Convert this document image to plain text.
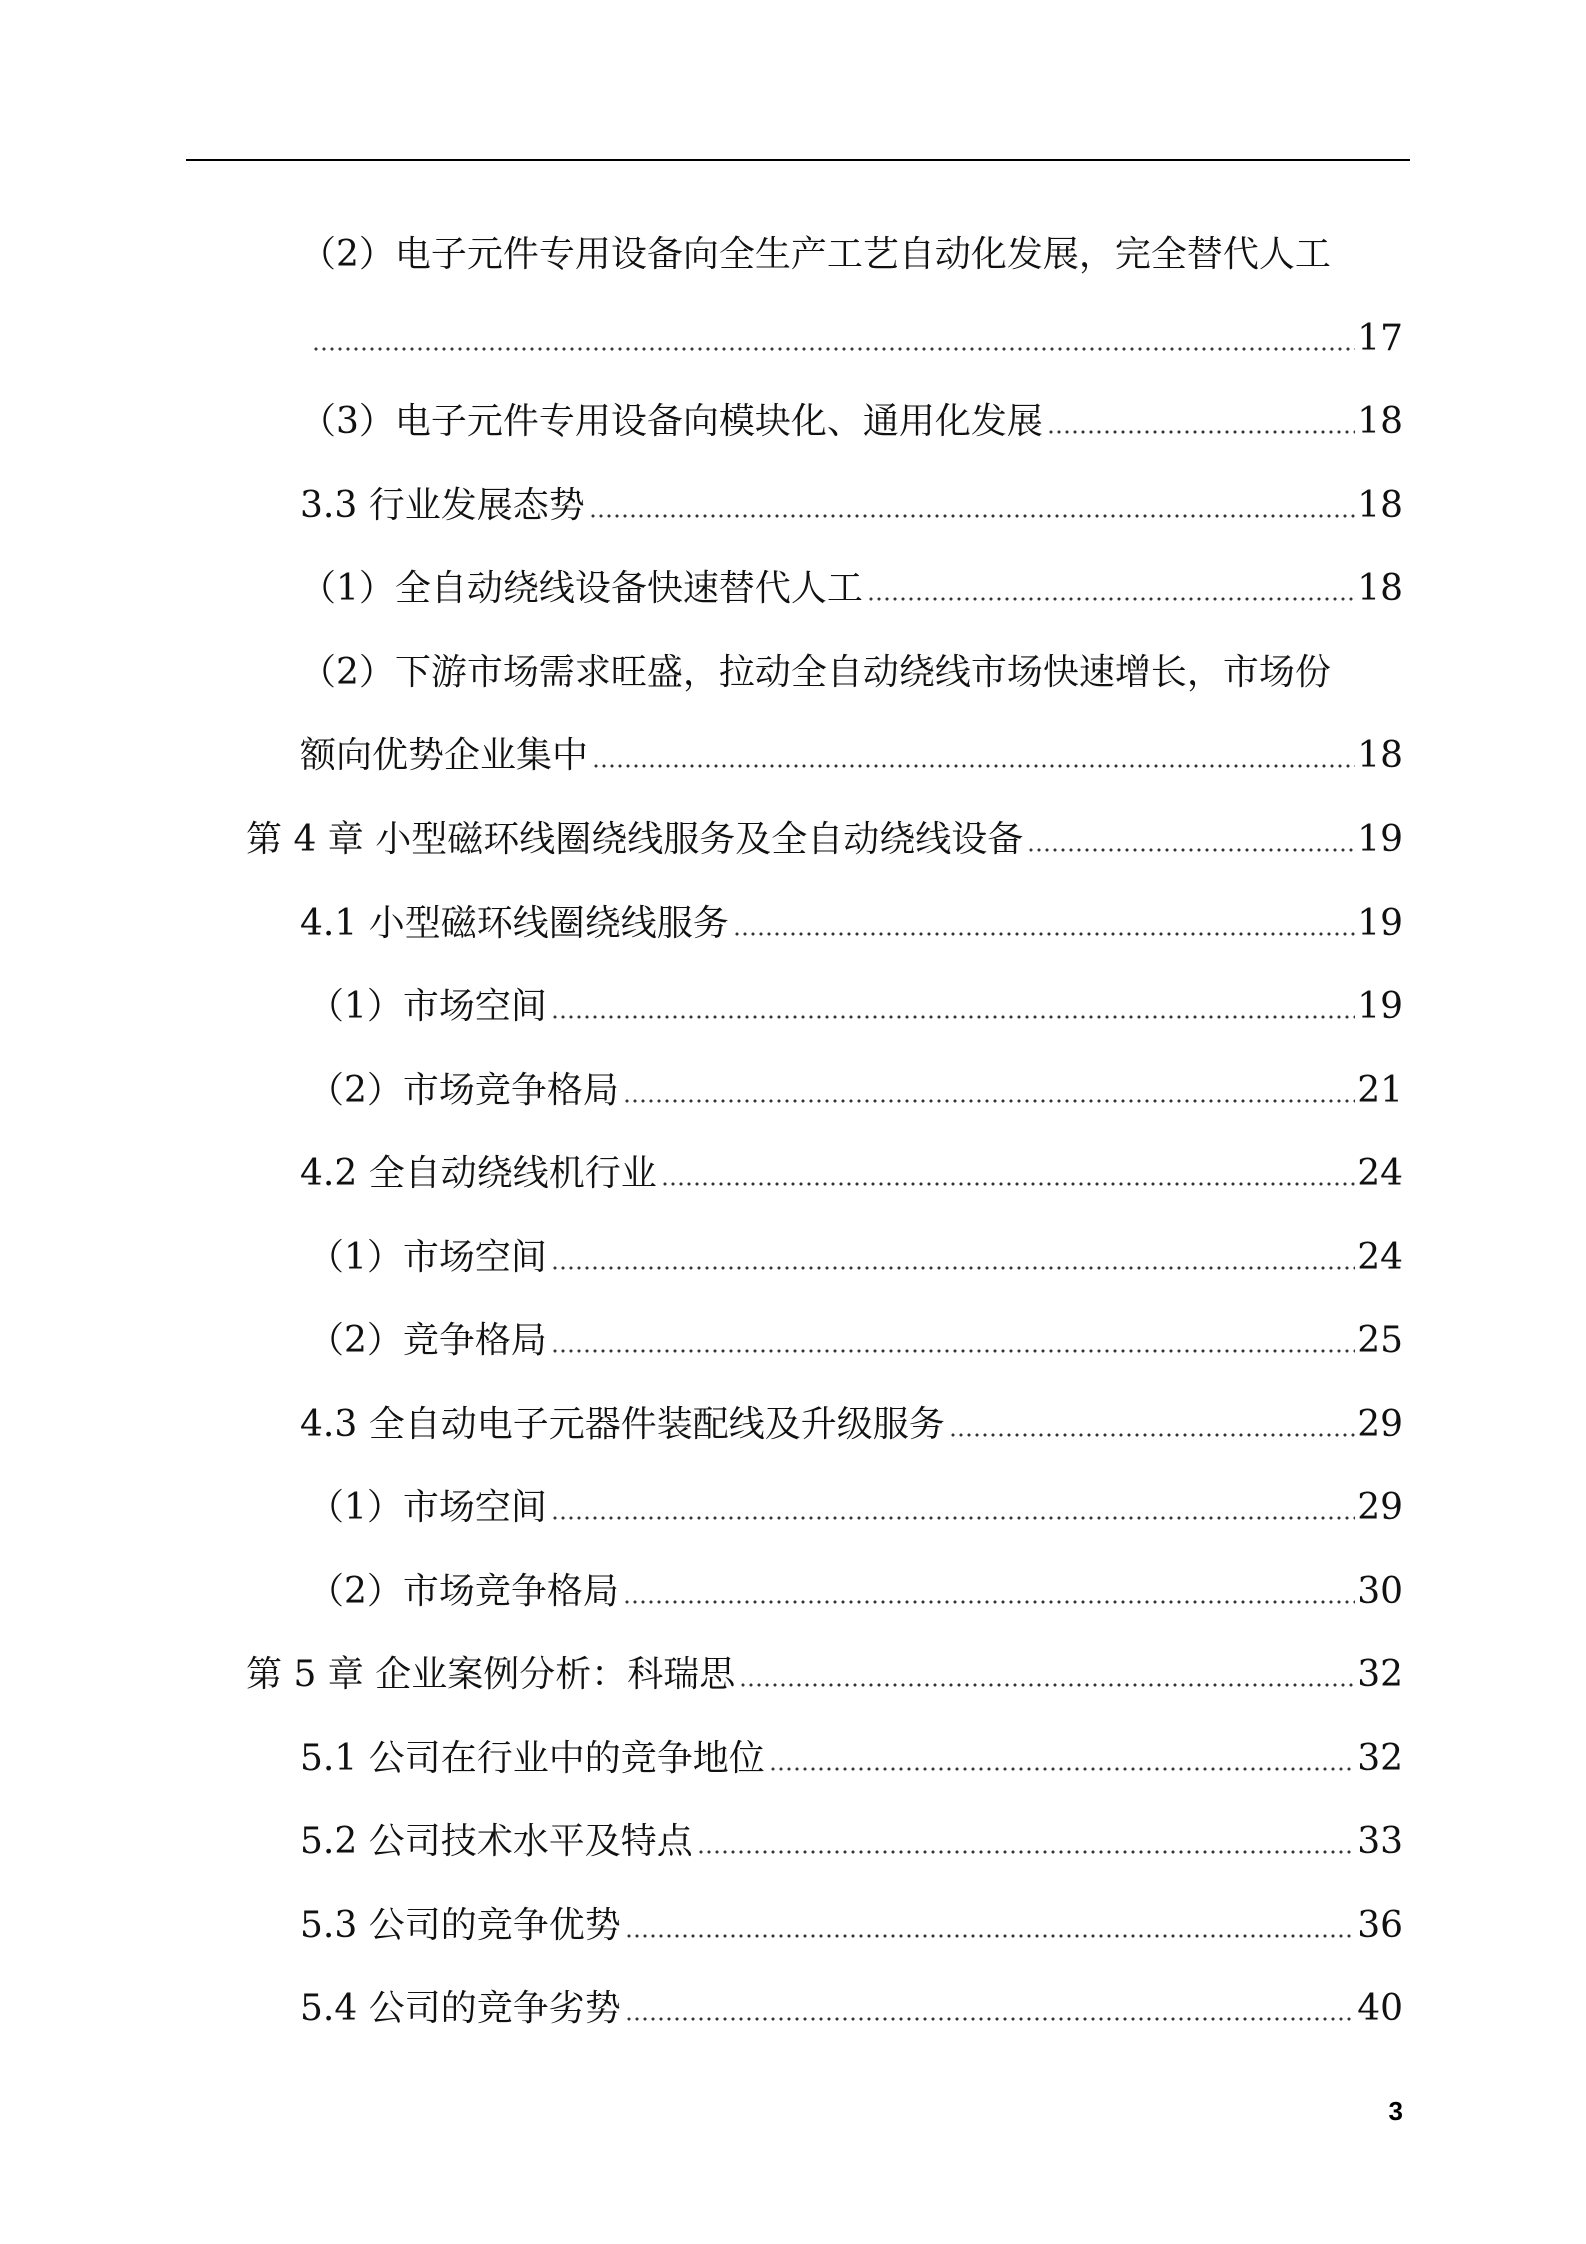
（2）电子元件专用设备向全生产工艺自动化发展，完全替代人工
17
（3）电子元件专用设备向模块化、通用化发展	18
3.3 行业发展态势	18
（1）全自动绕线设备快速替代人工	18
（2）下游市场需求旺盛，拉动全自动绕线市场快速增长，市场份
额向优势企业集中	18
第 4 章 小型磁环线圈绕线服务及全自动绕线设备	19
4.1 小型磁环线圈绕线服务	19
（1）市场空间	19
（2）市场竞争格局	21
4.2 全自动绕线机行业	24
（1）市场空间	24
（2）竞争格局	25
4.3 全自动电子元器件装配线及升级服务	29
（1）市场空间	29
（2）市场竞争格局	30
第 5 章 企业案例分析：科瑞思	32
5.1 公司在行业中的竞争地位	32
5.2 公司技术水平及特点	33
5.3 公司的竞争优势	36
5.4 公司的竞争劣势	40
3
